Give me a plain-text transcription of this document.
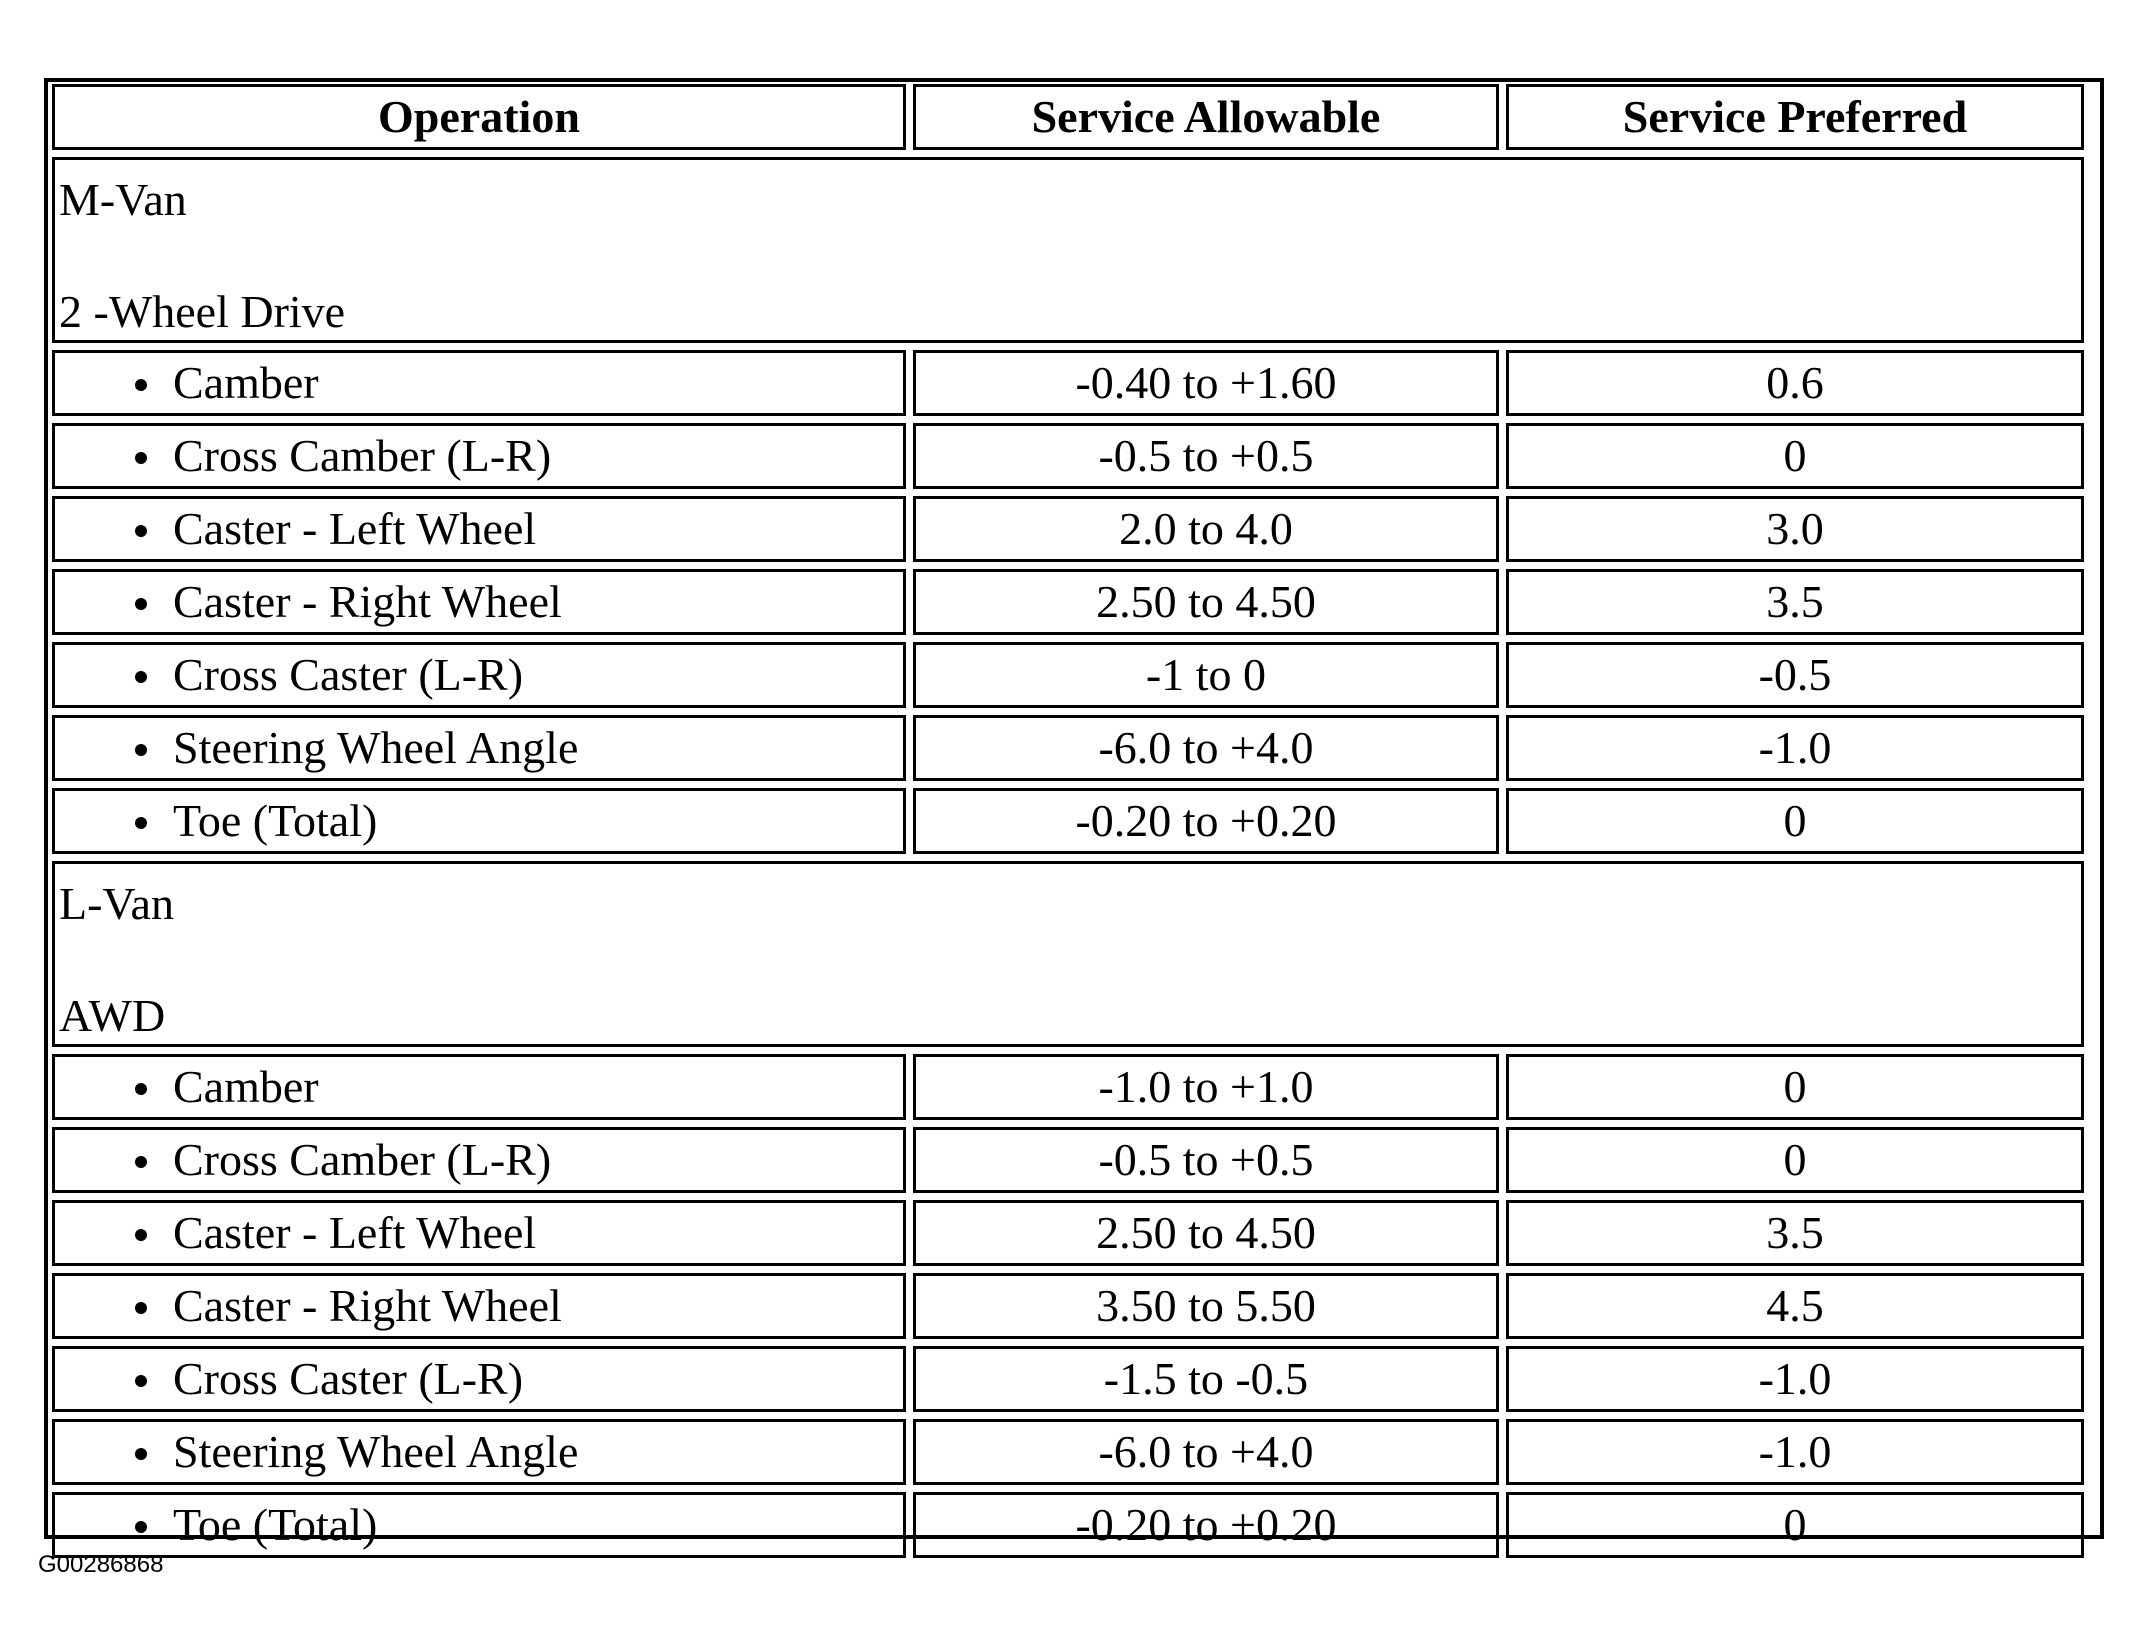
Operation	Service Allowable	Service Preferred

M-Van
2 -Wheel Drive		

Camber	-0.40 to +1.60	0.6

Cross Camber (L-R)	-0.5 to +0.5	0

Caster - Left Wheel	2.0 to 4.0	3.0

Caster - Right Wheel	2.50 to 4.50	3.5

Cross Caster (L-R)	-1 to 0	-0.5

Steering Wheel Angle	-6.0 to +4.0	-1.0

Toe (Total)	-0.20 to +0.20	0

L-Van
AWD		

Camber	-1.0 to +1.0	0

Cross Camber (L-R)	-0.5 to +0.5	0

Caster - Left Wheel	2.50 to 4.50	3.5

Caster - Right Wheel	3.50 to 5.50	4.5

Cross Caster (L-R)	-1.5 to -0.5	-1.0

Steering Wheel Angle	-6.0 to +4.0	-1.0

Toe (Total)	-0.20 to +0.20	0
G00286868
